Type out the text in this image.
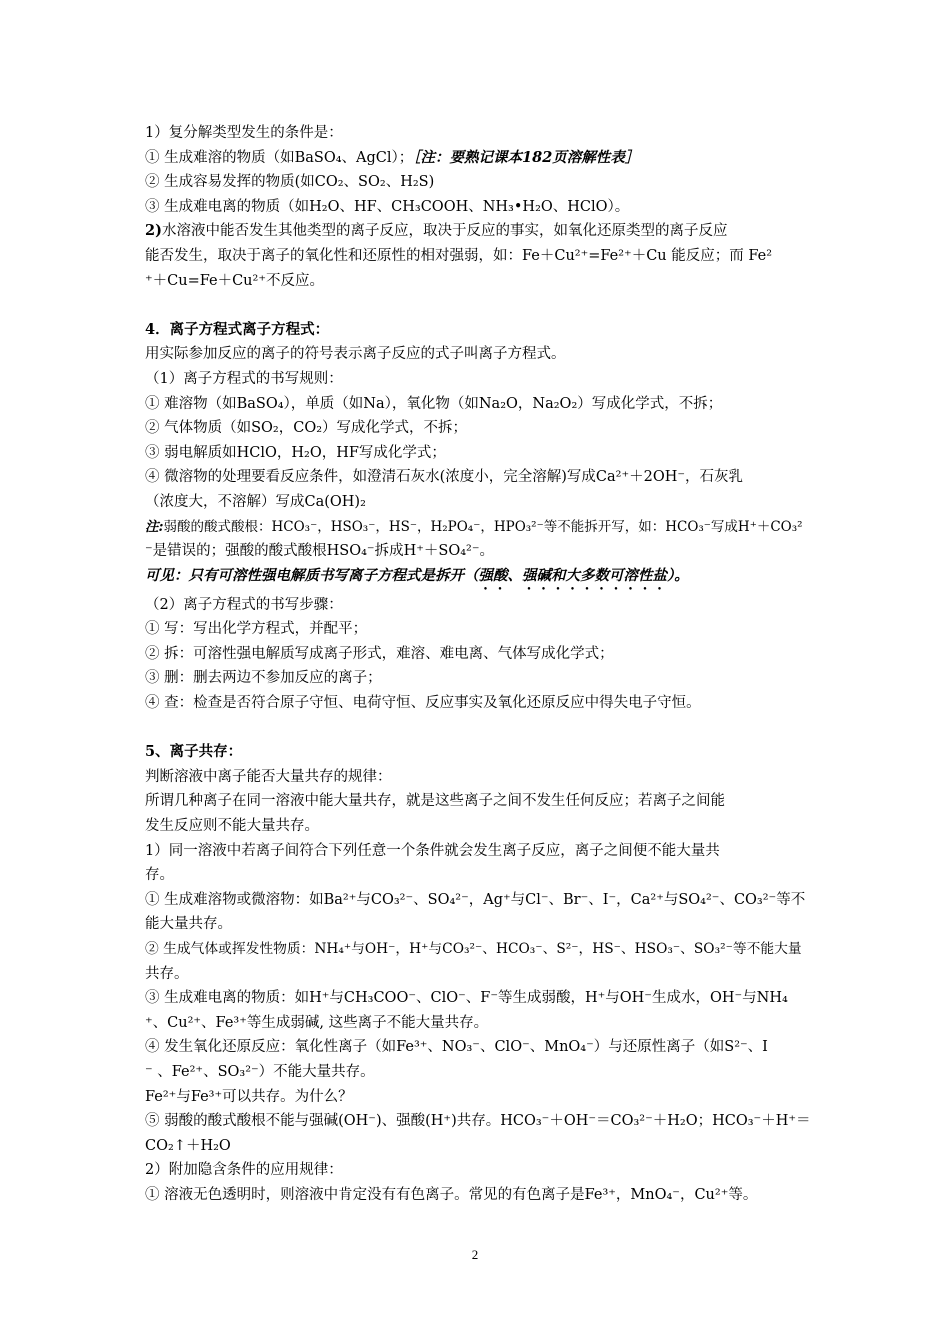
1）复分解类型发生的条件是：
① 生成难溶的物质（如BaSO₄、AgCl）；［注：要熟记课本182页溶解性表］
② 生成容易发挥的物质(如CO₂、SO₂、H₂S)
③ 生成难电离的物质（如H₂O、HF、CH₃COOH、NH₃•H₂O、HClO）。
2)水溶液中能否发生其他类型的离子反应，取决于反应的事实，如氧化还原类型的离子反应
能否发生，取决于离子的氧化性和还原性的相对强弱，如：Fe＋Cu²⁺=Fe²⁺＋Cu 能反应；而 Fe²
⁺＋Cu=Fe＋Cu²⁺不反应。
4．离子方程式离子方程式：
用实际参加反应的离子的符号表示离子反应的式子叫离子方程式。
（1）离子方程式的书写规则：
① 难溶物（如BaSO₄），单质（如Na），氧化物（如Na₂O，Na₂O₂）写成化学式，不拆；
② 气体物质（如SO₂，CO₂）写成化学式，不拆；
③ 弱电解质如HClO，H₂O，HF写成化学式；
④ 微溶物的处理要看反应条件，如澄清石灰水(浓度小，完全溶解)写成Ca²⁺＋2OH⁻，石灰乳
（浓度大，不溶解）写成Ca(OH)₂
注:弱酸的酸式酸根：HCO₃⁻，HSO₃⁻，HS⁻，H₂PO₄⁻，HPO₃²⁻等不能拆开写，如：HCO₃⁻写成H⁺＋CO₃²
⁻是错误的；强酸的酸式酸根HSO₄⁻拆成H⁺＋SO₄²⁻。
可见：只有可溶性强电解质书写离子方程式是拆开（强酸、强碱和大多数可溶性盐）。
（2）离子方程式的书写步骤：
① 写：写出化学方程式，并配平；
② 拆：可溶性强电解质写成离子形式，难溶、难电离、气体写成化学式；
③ 删：删去两边不参加反应的离子；
④ 查：检查是否符合原子守恒、电荷守恒、反应事实及氧化还原反应中得失电子守恒。
5、离子共存：
判断溶液中离子能否大量共存的规律：
所谓几种离子在同一溶液中能大量共存，就是这些离子之间不发生任何反应；若离子之间能
发生反应则不能大量共存。
1）同一溶液中若离子间符合下列任意一个条件就会发生离子反应，离子之间便不能大量共
存。
① 生成难溶物或微溶物：如Ba²⁺与CO₃²⁻、SO₄²⁻，Ag⁺与Cl⁻、Br⁻、I⁻，Ca²⁺与SO₄²⁻、CO₃²⁻等不
能大量共存。
② 生成气体或挥发性物质：NH₄⁺与OH⁻，H⁺与CO₃²⁻、HCO₃⁻、S²⁻，HS⁻、HSO₃⁻、SO₃²⁻等不能大量
共存。
③ 生成难电离的物质：如H⁺与CH₃COO⁻、ClO⁻、F⁻等生成弱酸，H⁺与OH⁻生成水，OH⁻与NH₄
⁺、Cu²⁺、Fe³⁺等生成弱碱, 这些离子不能大量共存。
④ 发生氧化还原反应：氧化性离子（如Fe³⁺、NO₃⁻、ClO⁻、MnO₄⁻）与还原性离子（如S²⁻、I
⁻ 、Fe²⁺、SO₃²⁻）不能大量共存。
Fe²⁺与Fe³⁺可以共存。为什么？
⑤ 弱酸的酸式酸根不能与强碱(OH⁻)、强酸(H⁺)共存。HCO₃⁻＋OH⁻＝CO₃²⁻＋H₂O；HCO₃⁻＋H⁺＝
CO₂↑＋H₂O
2）附加隐含条件的应用规律：
① 溶液无色透明时，则溶液中肯定没有有色离子。常见的有色离子是Fe³⁺，MnO₄⁻，Cu²⁺等。
2
